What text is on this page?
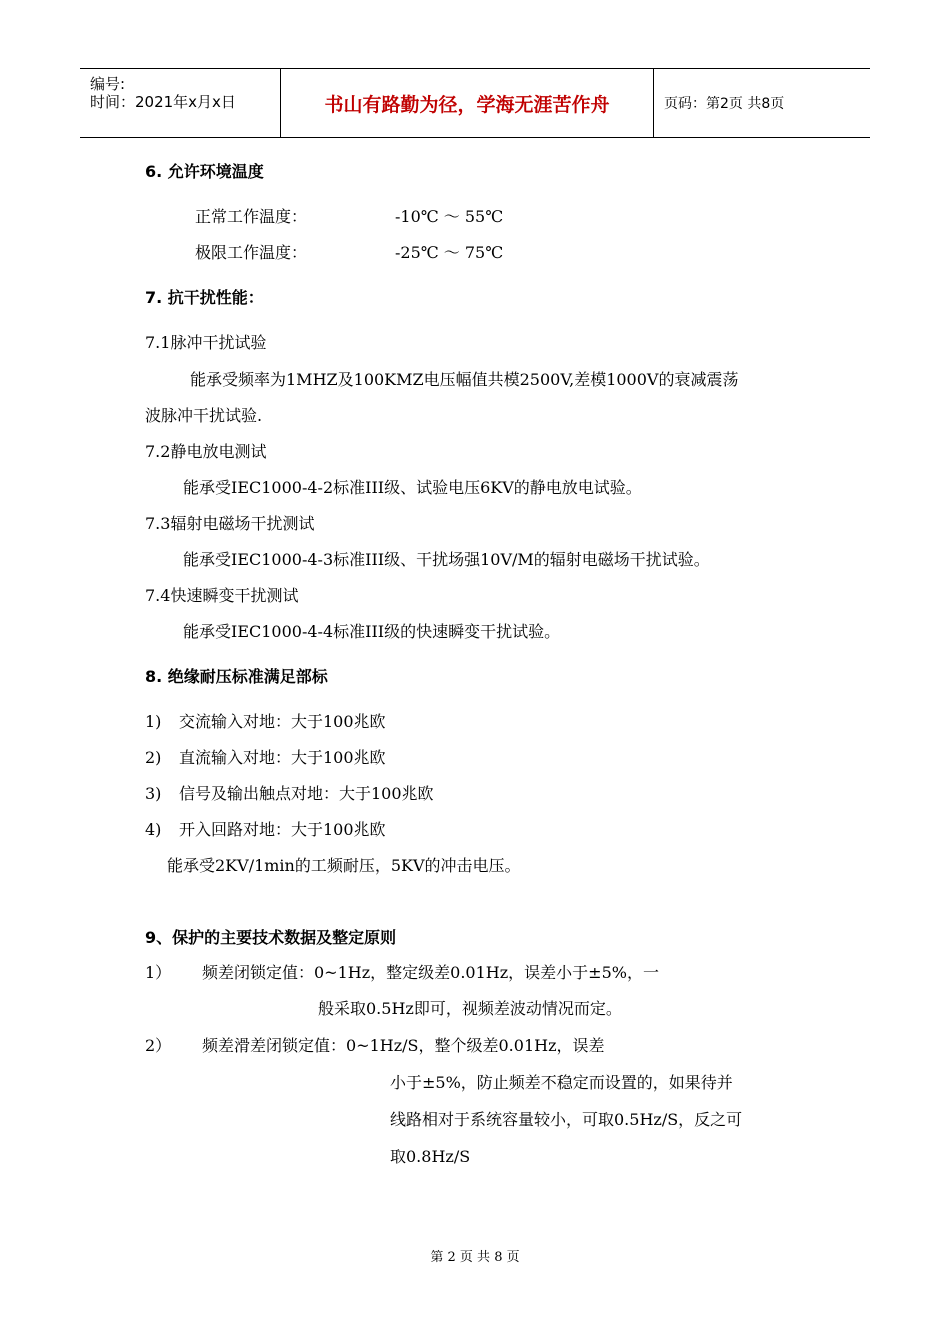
编号:
时间：2021年x月x日	书山有路勤为径，学海无涯苦作舟	页码：第2页 共8页
6. 允许环境温度
正常工作温度：	-10℃ ～ 55℃
极限工作温度：	-25℃ ～ 75℃
7. 抗干扰性能：
7.1脉冲干扰试验
能承受频率为1MHZ及100KMZ电压幅值共模2500V,差模1000V的衰减震荡
波脉冲干扰试验.
7.2静电放电测试
能承受IEC1000-4-2标准III级、试验电压6KV的静电放电试验。
7.3辐射电磁场干扰测试
能承受IEC1000-4-3标准III级、干扰场强10V/M的辐射电磁场干扰试验。
7.4快速瞬变干扰测试
能承受IEC1000-4-4标准III级的快速瞬变干扰试验。
8. 绝缘耐压标准满足部标
1) 交流输入对地：大于100兆欧
2) 直流输入对地：大于100兆欧
3) 信号及输出触点对地：大于100兆欧
4) 开入回路对地：大于100兆欧
能承受2KV/1min的工频耐压，5KV的冲击电压。
9、保护的主要技术数据及整定原则
1） 频差闭锁定值：0~1Hz，整定级差0.01Hz，误差小于±5%，一
般采取0.5Hz即可，视频差波动情况而定。
2） 频差滑差闭锁定值：0~1Hz/S，整个级差0.01Hz，误差
小于±5%，防止频差不稳定而设置的，如果待并
线路相对于系统容量较小，可取0.5Hz/S，反之可
取0.8Hz/S
第 2 页 共 8 页
